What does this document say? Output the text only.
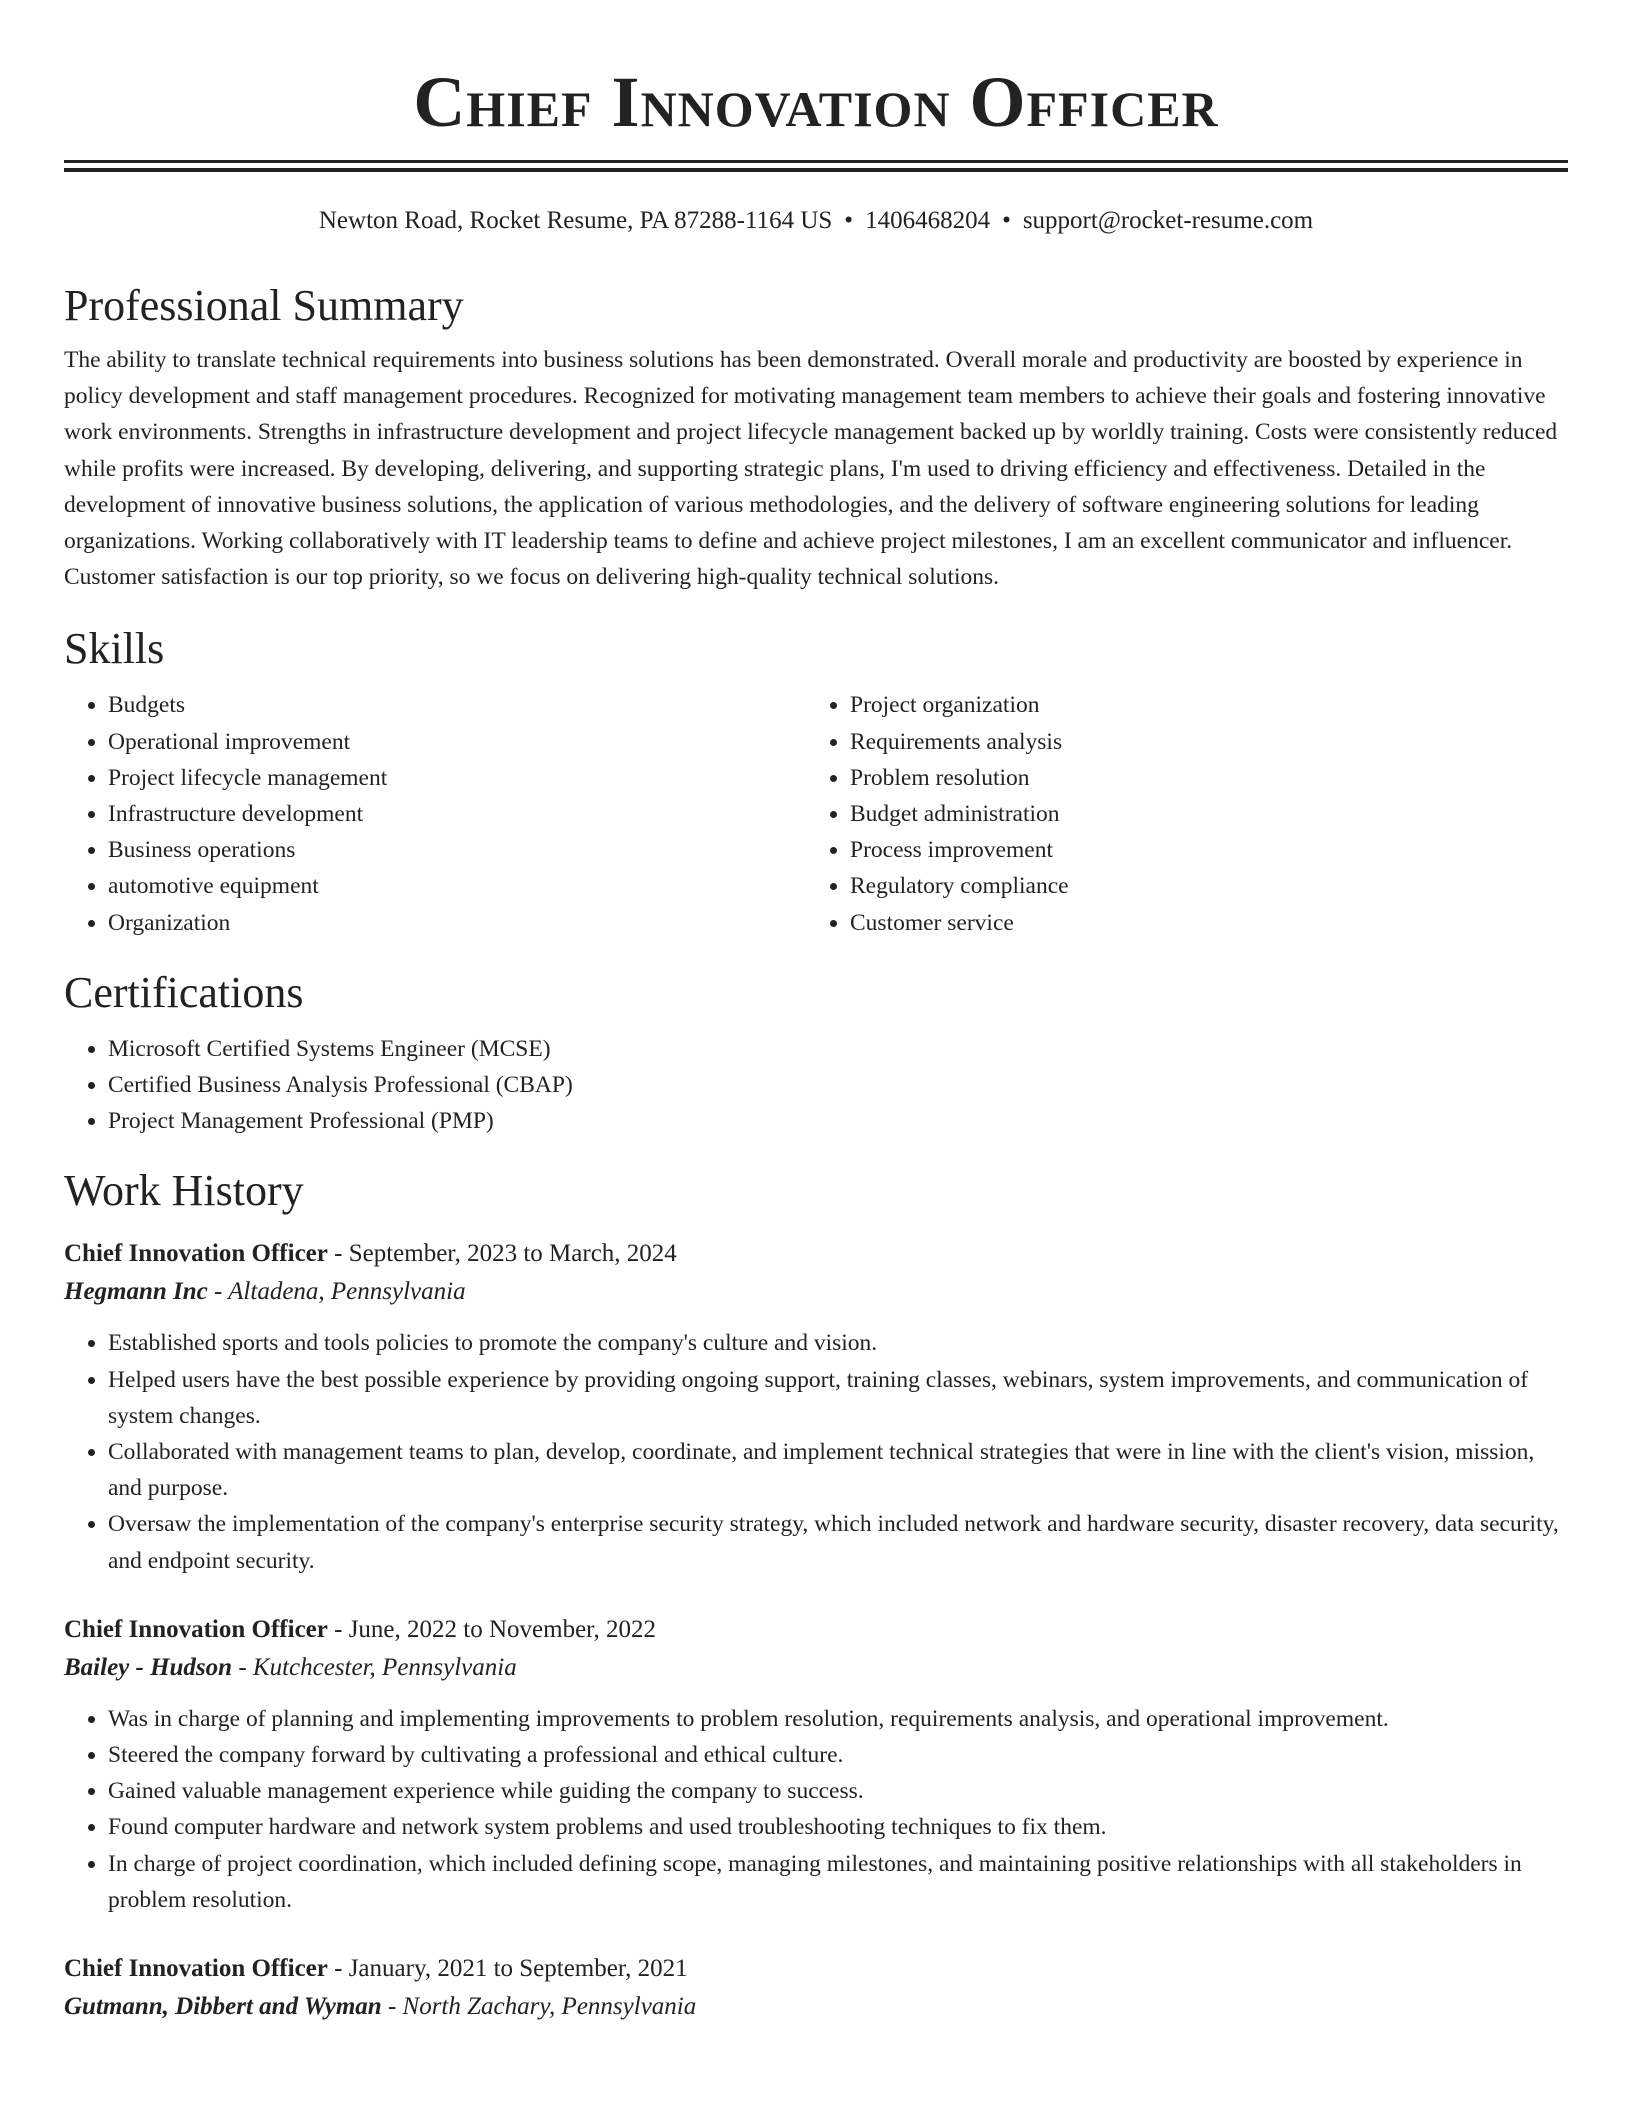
Chief Innovation Officer
Newton Road, Rocket Resume, PA 87288-1164 US • 1406468204 • support@rocket-resume.com
Professional Summary

The ability to translate technical requirements into business solutions has been demonstrated. Overall morale and productivity are boosted by experience in policy development and staff management procedures. Recognized for motivating management team members to achieve their goals and fostering innovative work environments. Strengths in infrastructure development and project lifecycle management backed up by worldly training. Costs were consistently reduced while profits were increased. By developing, delivering, and supporting strategic plans, I'm used to driving efficiency and effectiveness. Detailed in the development of innovative business solutions, the application of various methodologies, and the delivery of software engineering solutions for leading organizations. Working collaboratively with IT leadership teams to define and achieve project milestones, I am an excellent communicator and influencer. Customer satisfaction is our top priority, so we focus on delivering high-quality technical solutions.

Skills
• Budgets
• Operational improvement
• Project lifecycle management
• Infrastructure development
• Business operations
• automotive equipment
• Organization
• Project organization
• Requirements analysis
• Problem resolution
• Budget administration
• Process improvement
• Regulatory compliance
• Customer service
Certifications
• Microsoft Certified Systems Engineer (MCSE)
• Certified Business Analysis Professional (CBAP)
• Project Management Professional (PMP)
Work History
Chief Innovation Officer - September, 2023 to March, 2024
Hegmann Inc - Altadena, Pennsylvania
• Established sports and tools policies to promote the company's culture and vision.
• Helped users have the best possible experience by providing ongoing support, training classes, webinars, system improvements, and communication of system changes.
• Collaborated with management teams to plan, develop, coordinate, and implement technical strategies that were in line with the client's vision, mission, and purpose.
• Oversaw the implementation of the company's enterprise security strategy, which included network and hardware security, disaster recovery, data security, and endpoint security.
Chief Innovation Officer - June, 2022 to November, 2022
Bailey - Hudson - Kutchcester, Pennsylvania
• Was in charge of planning and implementing improvements to problem resolution, requirements analysis, and operational improvement.
• Steered the company forward by cultivating a professional and ethical culture.
• Gained valuable management experience while guiding the company to success.
• Found computer hardware and network system problems and used troubleshooting techniques to fix them.
• In charge of project coordination, which included defining scope, managing milestones, and maintaining positive relationships with all stakeholders in problem resolution.
Chief Innovation Officer - January, 2021 to September, 2021
Gutmann, Dibbert and Wyman - North Zachary, Pennsylvania
